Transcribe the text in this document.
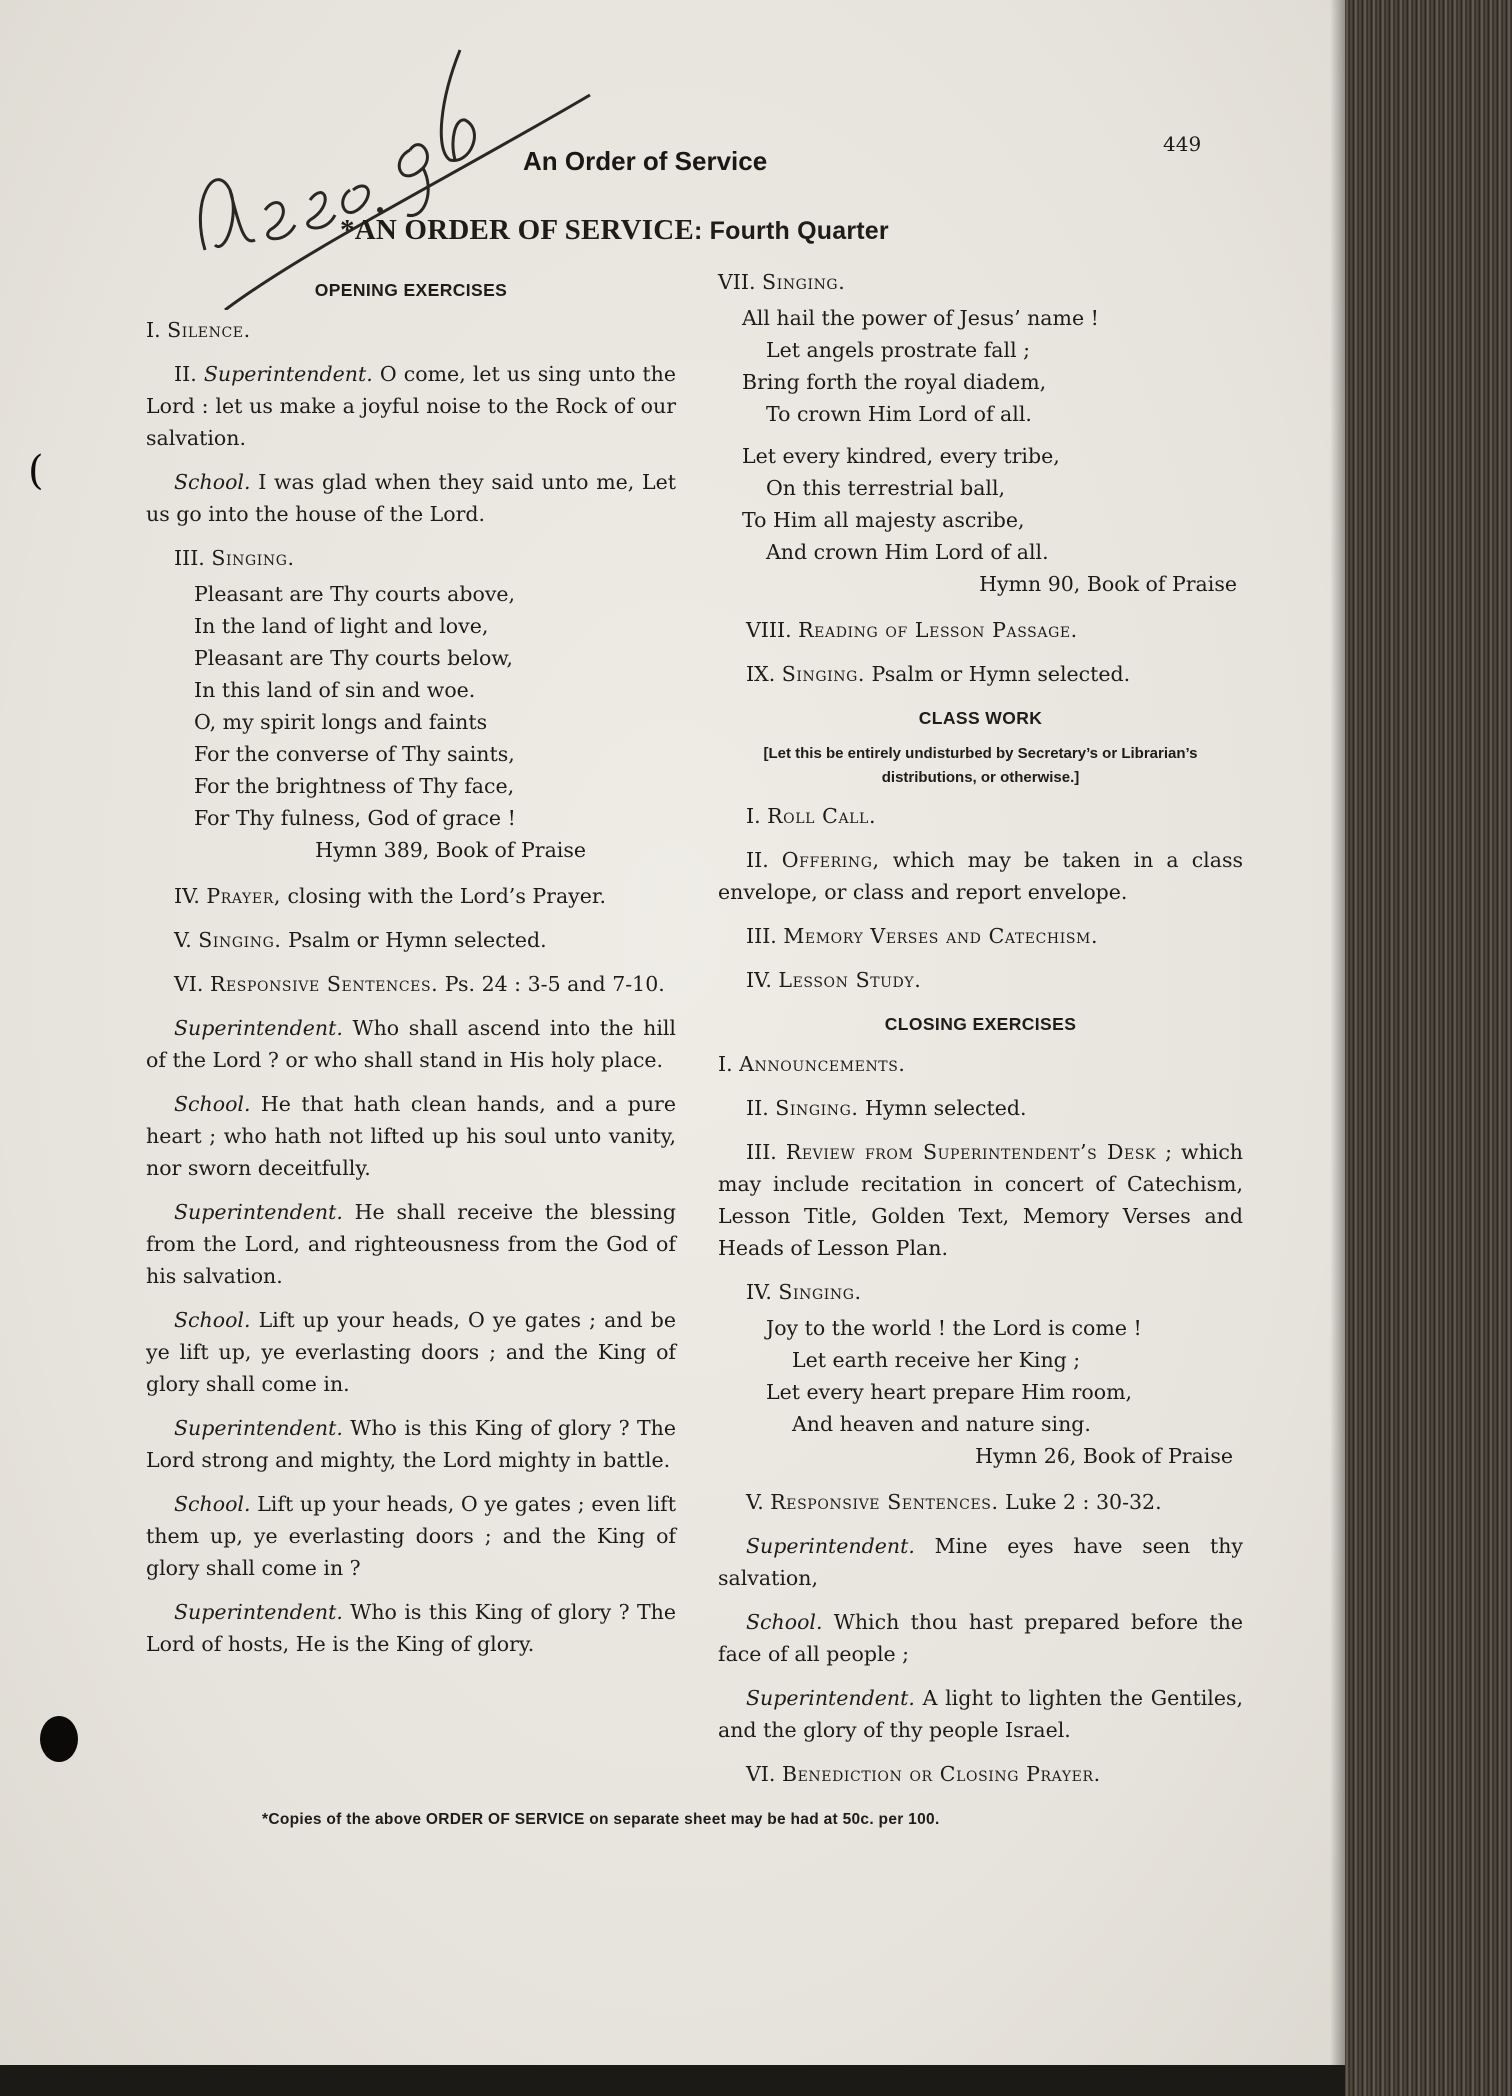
An Order of Service
449
*AN ORDER OF SERVICE: Fourth Quarter
OPENING EXERCISES
I. Silence.
II. Superintendent. O come, let us sing unto the Lord : let us make a joyful noise to the Rock of our salvation.
School. I was glad when they said unto me, Let us go into the house of the Lord.
III. Singing.
Pleasant are Thy courts above,
In the land of light and love,
Pleasant are Thy courts below,
In this land of sin and woe.
O, my spirit longs and faints
For the converse of Thy saints,
For the brightness of Thy face,
For Thy fulness, God of grace !
Hymn 389, Book of Praise
IV. Prayer, closing with the Lord’s Prayer.
V. Singing. Psalm or Hymn selected.
VI. Responsive Sentences. Ps. 24 : 3-5 and 7-10.
Superintendent. Who shall ascend into the hill of the Lord ? or who shall stand in His holy place.
School. He that hath clean hands, and a pure heart ; who hath not lifted up his soul unto vanity, nor sworn deceitfully.
Superintendent. He shall receive the blessing from the Lord, and righteousness from the God of his salvation.
School. Lift up your heads, O ye gates ; and be ye lift up, ye everlasting doors ; and the King of glory shall come in.
Superintendent. Who is this King of glory ? The Lord strong and mighty, the Lord mighty in battle.
School. Lift up your heads, O ye gates ; even lift them up, ye everlasting doors ; and the King of glory shall come in ?
Superintendent. Who is this King of glory ? The Lord of hosts, He is the King of glory.
VII. Singing.
All hail the power of Jesus’ name !
Let angels prostrate fall ;
Bring forth the royal diadem,
To crown Him Lord of all.
Let every kindred, every tribe,
On this terrestrial ball,
To Him all majesty ascribe,
And crown Him Lord of all.
Hymn 90, Book of Praise
VIII. Reading of Lesson Passage.
IX. Singing. Psalm or Hymn selected.
CLASS WORK
[Let this be entirely undisturbed by Secretary’s or Librarian’s distributions, or otherwise.]
I. Roll Call.
II. Offering, which may be taken in a class envelope, or class and report envelope.
III. Memory Verses and Catechism.
IV. Lesson Study.
CLOSING EXERCISES
I. Announcements.
II. Singing. Hymn selected.
III. Review from Superintendent’s Desk ; which may include recitation in concert of Catechism, Lesson Title, Golden Text, Memory Verses and Heads of Lesson Plan.
IV. Singing.
Joy to the world ! the Lord is come !
Let earth receive her King ;
Let every heart prepare Him room,
And heaven and nature sing.
Hymn 26, Book of Praise
V. Responsive Sentences. Luke 2 : 30-32.
Superintendent. Mine eyes have seen thy salvation,
School. Which thou hast prepared before the face of all people ;
Superintendent. A light to lighten the Gentiles, and the glory of thy people Israel.
VI. Benediction or Closing Prayer.
*Copies of the above ORDER OF SERVICE on separate sheet may be had at 50c. per 100.
(
